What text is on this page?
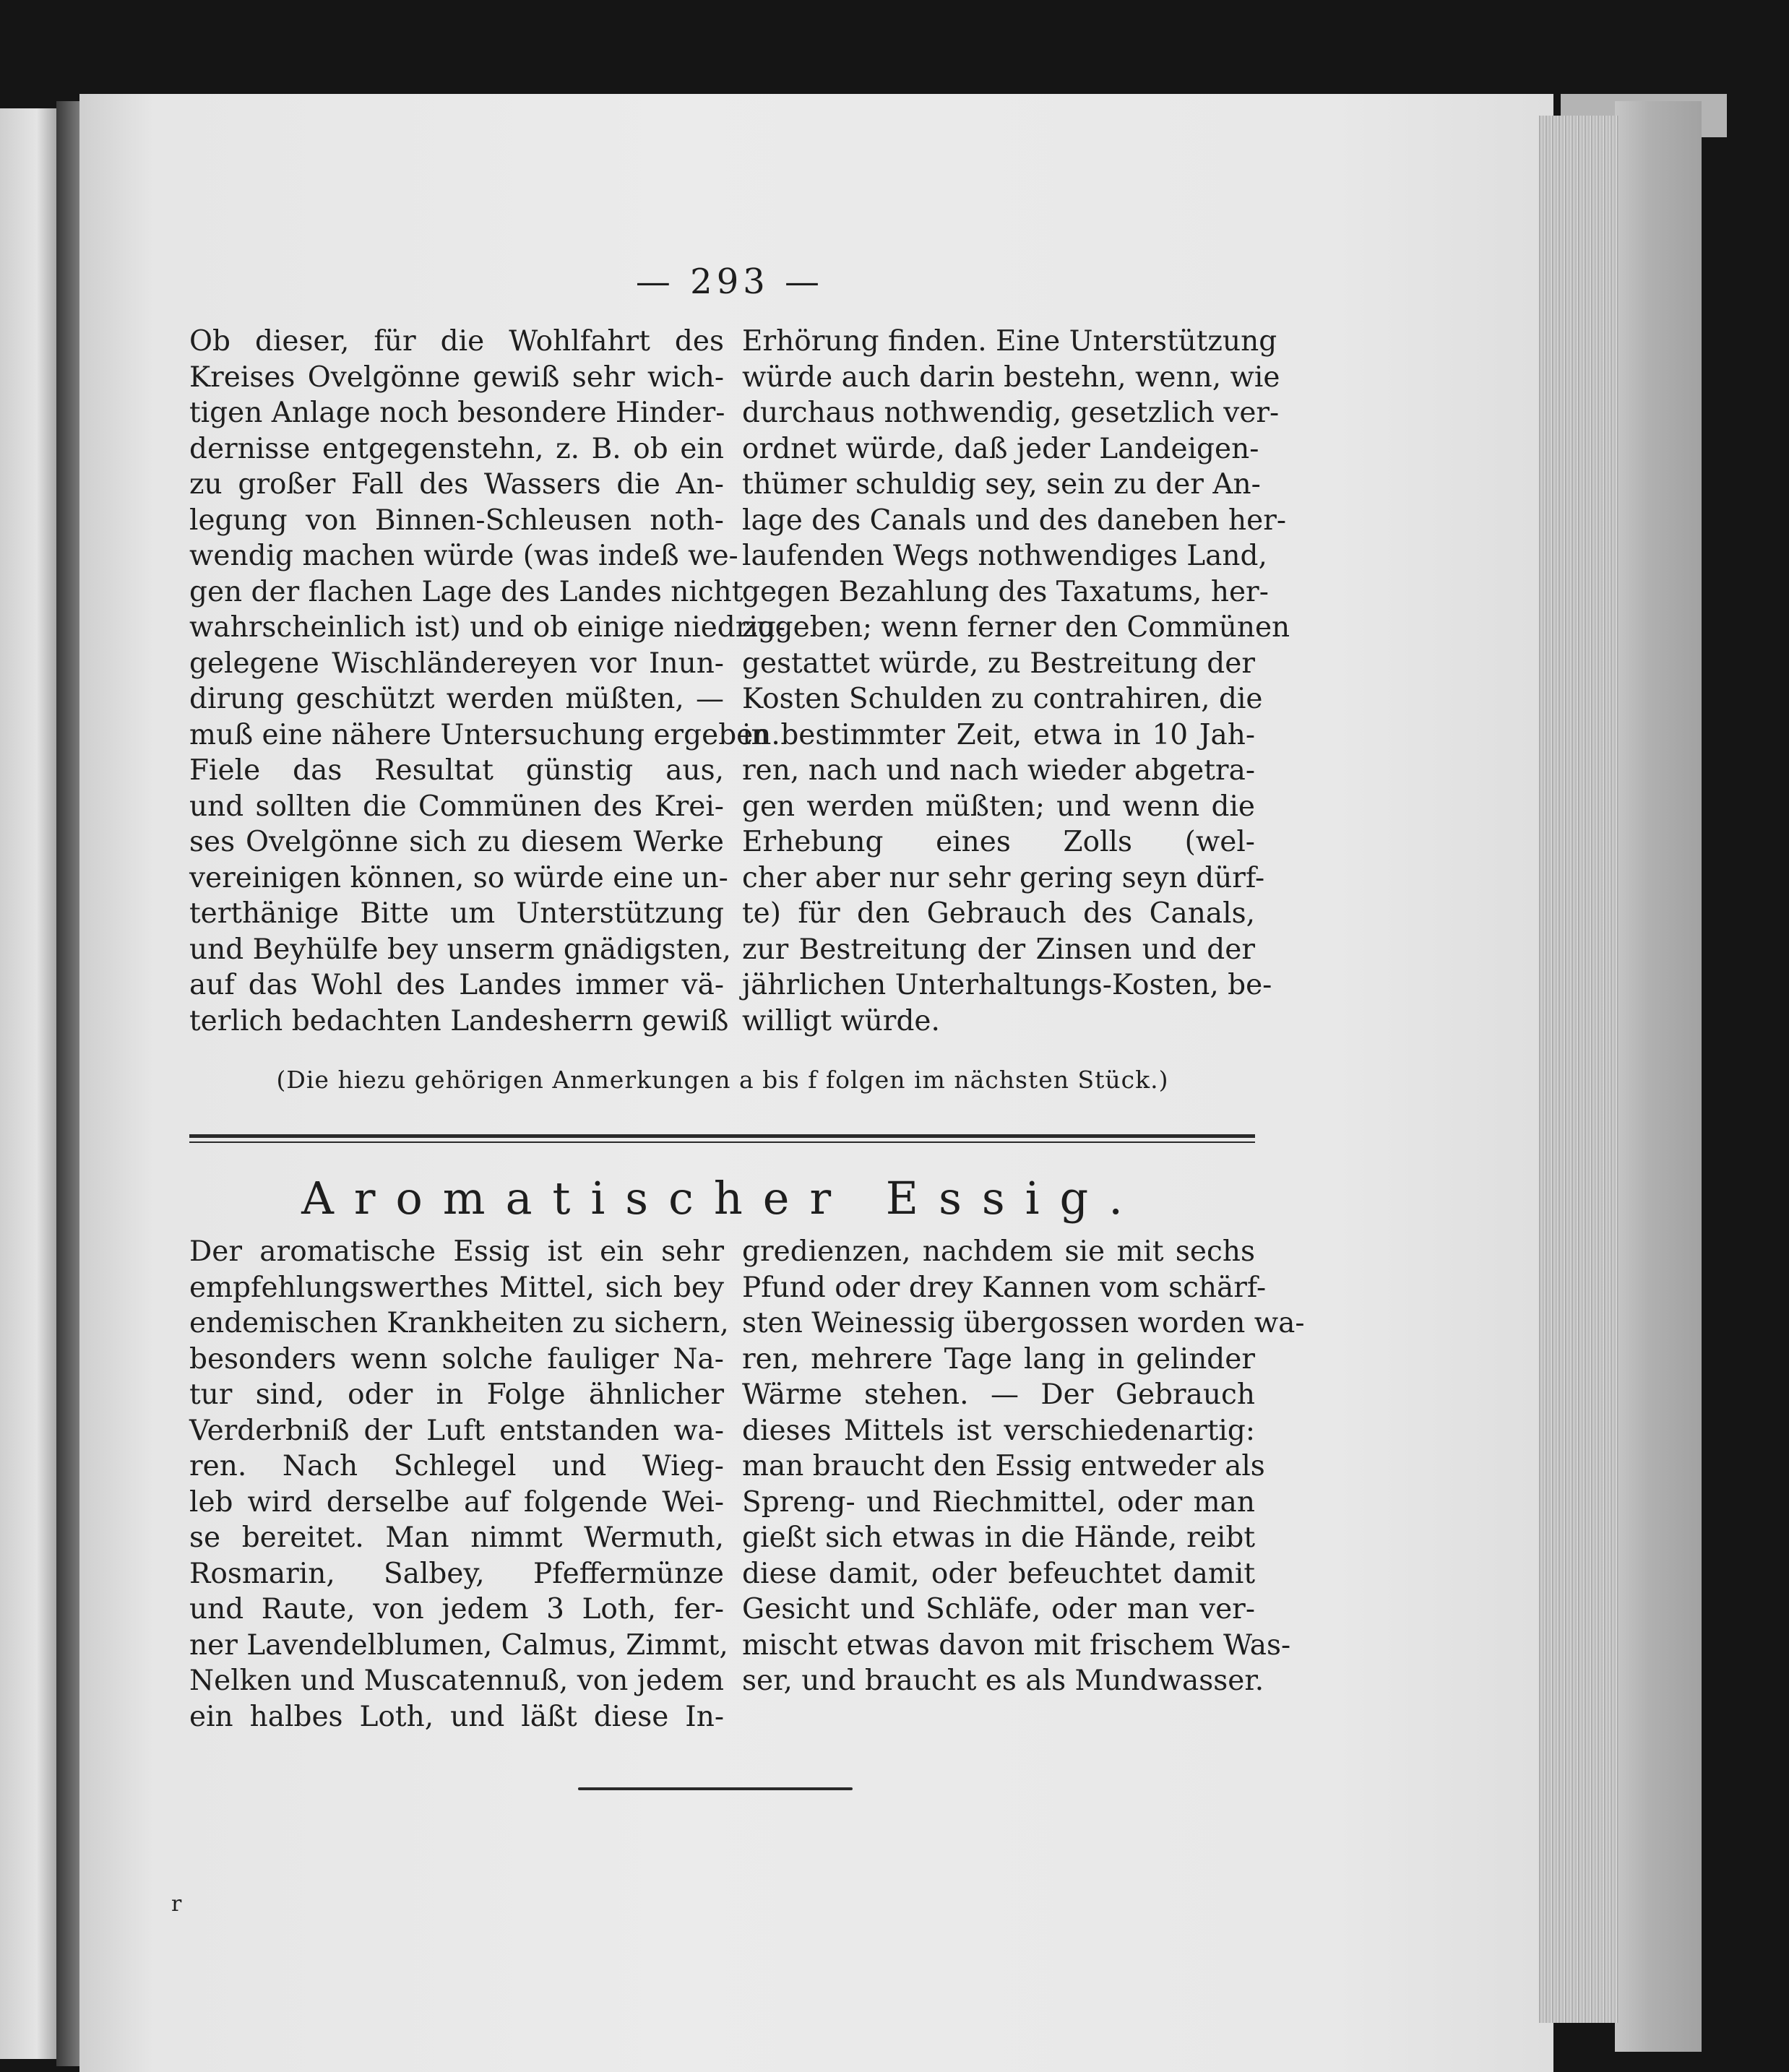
— 293 —
Ob dieser, für die Wohlfahrt des
Kreises Ovelgönne gewiß sehr wich-
tigen Anlage noch besondere Hinder-
dernisse entgegenstehn, z. B. ob ein
zu großer Fall des Wassers die An-
legung von Binnen-Schleusen noth-
wendig machen würde (was indeß we-
gen der flachen Lage des Landes nicht
wahrscheinlich ist) und ob einige niedrig-
gelegene Wischländereyen vor Inun-
dirung geschützt werden müßten, —
muß eine nähere Untersuchung ergeben.
Fiele das Resultat günstig aus,
und sollten die Commünen des Krei-
ses Ovelgönne sich zu diesem Werke
vereinigen können, so würde eine un-
terthänige Bitte um Unterstützung
und Beyhülfe bey unserm gnädigsten,
auf das Wohl des Landes immer vä-
terlich bedachten Landesherrn gewiß
Erhörung finden. Eine Unterstützung
würde auch darin bestehn, wenn, wie
durchaus nothwendig, gesetzlich ver-
ordnet würde, daß jeder Landeigen-
thümer schuldig sey, sein zu der An-
lage des Canals und des daneben her-
laufenden Wegs nothwendiges Land,
gegen Bezahlung des Taxatums, her-
zugeben; wenn ferner den Commünen
gestattet würde, zu Bestreitung der
Kosten Schulden zu contrahiren, die
in bestimmter Zeit, etwa in 10 Jah-
ren, nach und nach wieder abgetra-
gen werden müßten; und wenn die
Erhebung eines Zolls (wel-
cher aber nur sehr gering seyn dürf-
te) für den Gebrauch des Canals,
zur Bestreitung der Zinsen und der
jährlichen Unterhaltungs-Kosten, be-
willigt würde.
(Die hiezu gehörigen Anmerkungen a bis f folgen im nächsten Stück.)
Aromatischer Essig.
Der aromatische Essig ist ein sehr
empfehlungswerthes Mittel, sich bey
endemischen Krankheiten zu sichern,
besonders wenn solche fauliger Na-
tur sind, oder in Folge ähnlicher
Verderbniß der Luft entstanden wa-
ren. Nach Schlegel und Wieg-
leb wird derselbe auf folgende Wei-
se bereitet. Man nimmt Wermuth,
Rosmarin, Salbey, Pfeffermünze
und Raute, von jedem 3 Loth, fer-
ner Lavendelblumen, Calmus, Zimmt,
Nelken und Muscatennuß, von jedem
ein halbes Loth, und läßt diese In-
gredienzen, nachdem sie mit sechs
Pfund oder drey Kannen vom schärf-
sten Weinessig übergossen worden wa-
ren, mehrere Tage lang in gelinder
Wärme stehen. — Der Gebrauch
dieses Mittels ist verschiedenartig:
man braucht den Essig entweder als
Spreng- und Riechmittel, oder man
gießt sich etwas in die Hände, reibt
diese damit, oder befeuchtet damit
Gesicht und Schläfe, oder man ver-
mischt etwas davon mit frischem Was-
ser, und braucht es als Mundwasser.
r
